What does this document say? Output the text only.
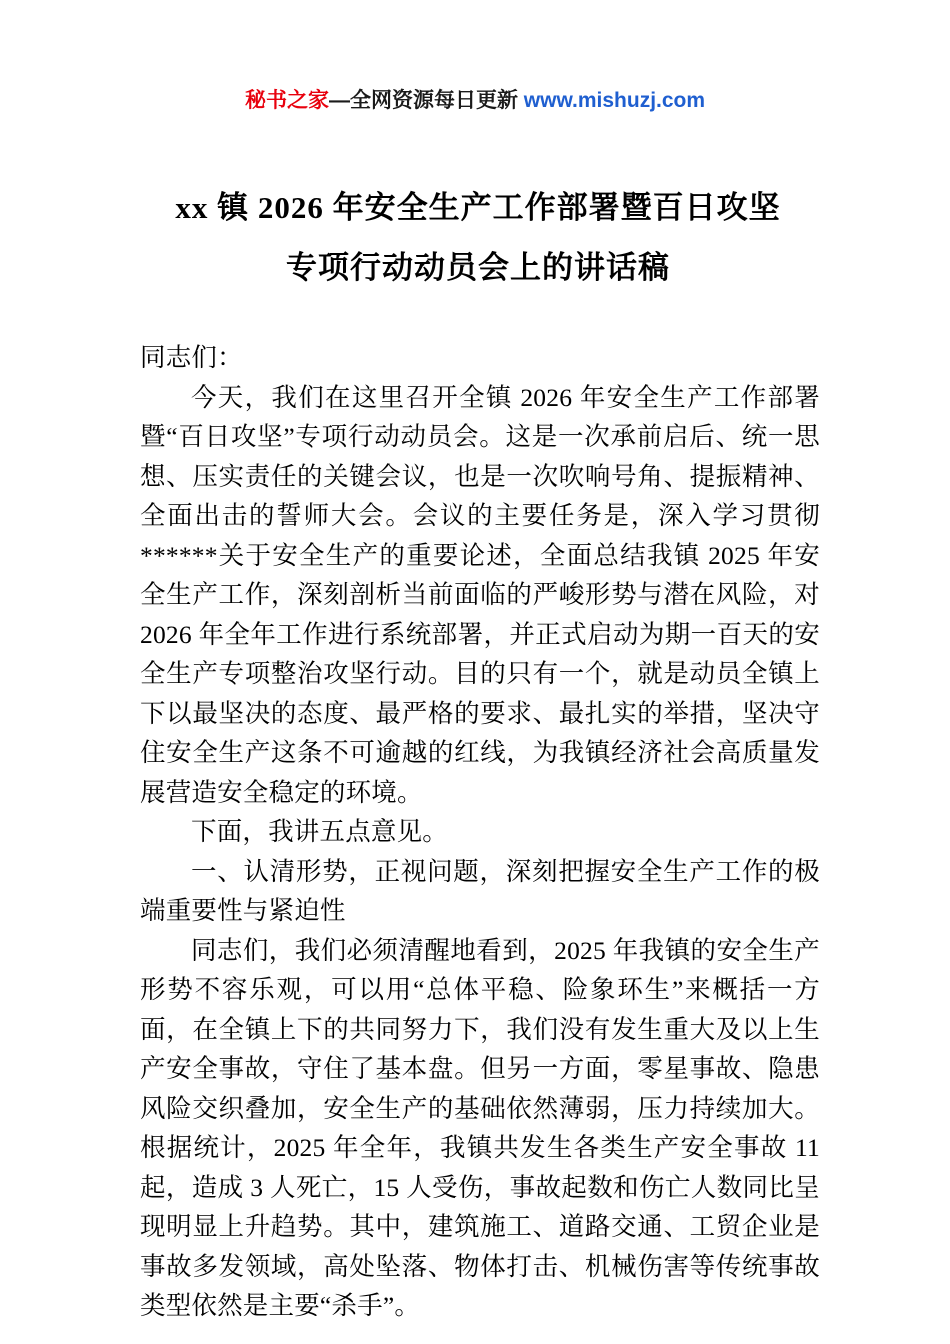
秘书之家—全网资源每日更新 www.mishuzj.com
xx 镇 2026 年安全生产工作部署暨百日攻坚
专项行动动员会上的讲话稿

同志们：

今天，我们在这里召开全镇 2026 年安全生产工作部署暨“百日攻坚”专项行动动员会。这是一次承前启后、统一思想、压实责任的关键会议，也是一次吹响号角、提振精神、全面出击的誓师大会。会议的主要任务是，深入学习贯彻******关于安全生产的重要论述，全面总结我镇 2025 年安全生产工作，深刻剖析当前面临的严峻形势与潜在风险，对 2026 年全年工作进行系统部署，并正式启动为期一百天的安全生产专项整治攻坚行动。目的只有一个，就是动员全镇上下以最坚决的态度、最严格的要求、最扎实的举措，坚决守住安全生产这条不可逾越的红线，为我镇经济社会高质量发展营造安全稳定的环境。

下面，我讲五点意见。

一、认清形势，正视问题，深刻把握安全生产工作的极端重要性与紧迫性

同志们，我们必须清醒地看到，2025 年我镇的安全生产形势不容乐观，可以用“总体平稳、险象环生”来概括一方面，在全镇上下的共同努力下，我们没有发生重大及以上生产安全事故，守住了基本盘。但另一方面，零星事故、隐患风险交织叠加，安全生产的基础依然薄弱，压力持续加大。根据统计，2025 年全年，我镇共发生各类生产安全事故 11 起，造成 3 人死亡，15 人受伤，事故起数和伤亡人数同比呈现明显上升趋势。其中，建筑施工、道路交通、工贸企业是事故多发领域，高处坠落、物体打击、机械伤害等传统事故类型依然是主要“杀手”。
